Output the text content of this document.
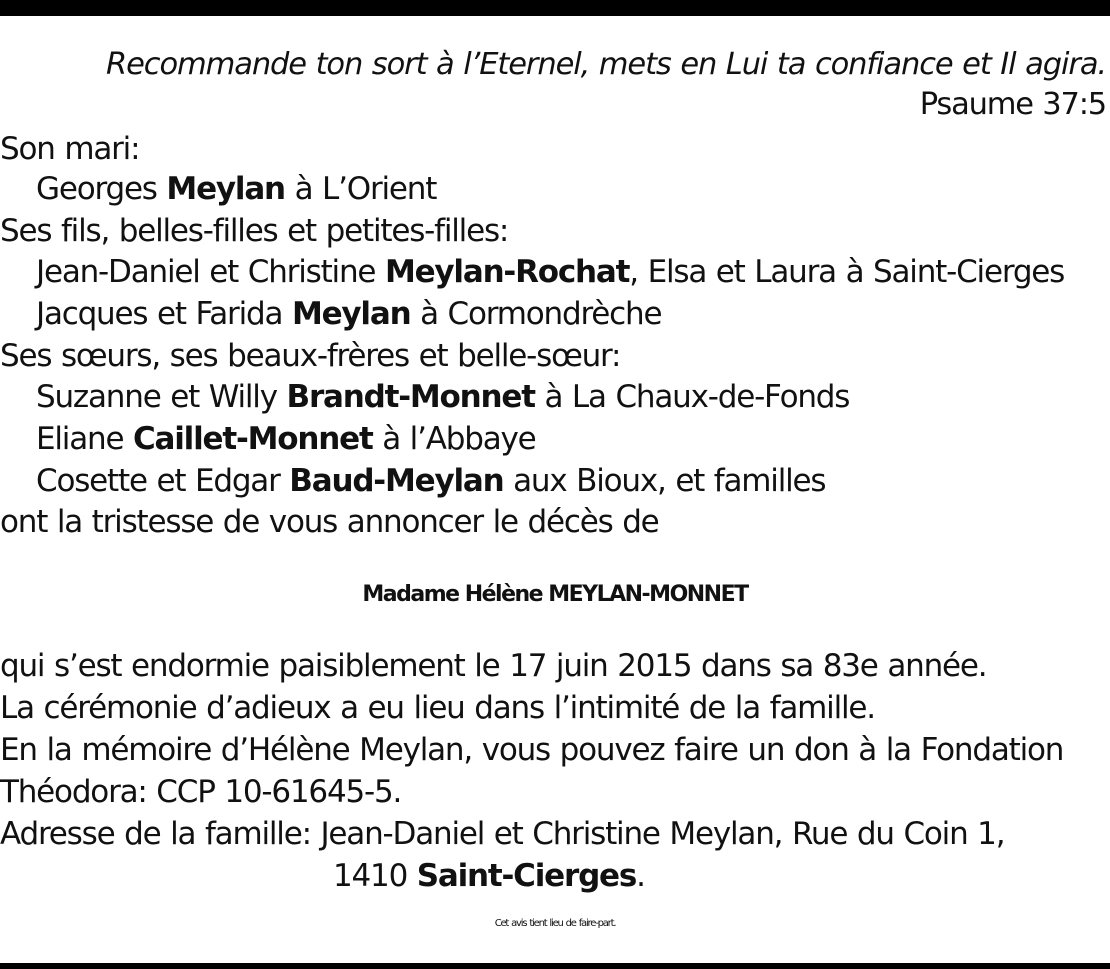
Recommande ton sort à l’Eternel, mets en Lui ta confiance et Il agira.
Psaume 37:5
Son mari:
Georges Meylan à L’Orient
Ses fils, belles-filles et petites-filles:
Jean-Daniel et Christine Meylan-Rochat, Elsa et Laura à Saint-Cierges
Jacques et Farida Meylan à Cormondrèche
Ses sœurs, ses beaux-frères et belle-sœur:
Suzanne et Willy Brandt-Monnet à La Chaux-de-Fonds
Eliane Caillet-Monnet à l’Abbaye
Cosette et Edgar Baud-Meylan aux Bioux, et familles
ont la tristesse de vous annoncer le décès de
Madame Hélène MEYLAN-MONNET
qui s’est endormie paisiblement le 17 juin 2015 dans sa 83e année.
La cérémonie d’adieux a eu lieu dans l’intimité de la famille.
En la mémoire d’Hélène Meylan, vous pouvez faire un don à la Fondation
Théodora: CCP 10-61645-5.
Adresse de la famille: Jean-Daniel et Christine Meylan, Rue du Coin 1,
1410 Saint-Cierges.
Cet avis tient lieu de faire-part.
